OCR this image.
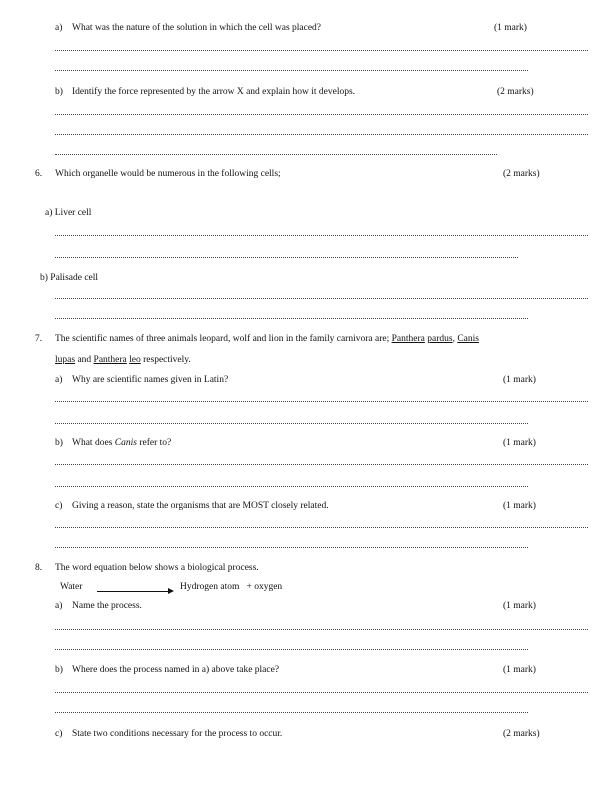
a) What was the nature of the solution in which the cell was placed?	(1 mark)
b) Identify the force represented by the arrow X and explain how it develops.	(2 marks)
6. Which organelle would be numerous in the following cells;	(2 marks)
a) Liver cell
b) Palisade cell
7. The scientific names of three animals leopard, wolf and lion in the family carnivora are; Panthera pardus, Canis
lupas and Panthera leo respectively.
a) Why are scientific names given in Latin?	(1 mark)
b) What does Canis refer to?	(1 mark)
c) Giving a reason, state the organisms that are MOST closely related.	(1 mark)
8. The word equation below shows a biological process.
Water	Hydrogen atom   + oxygen
a) Name the process.	(1 mark)
b) Where does the process named in a) above take place?	(1 mark)
c) State two conditions necessary for the process to occur.	(2 marks)
